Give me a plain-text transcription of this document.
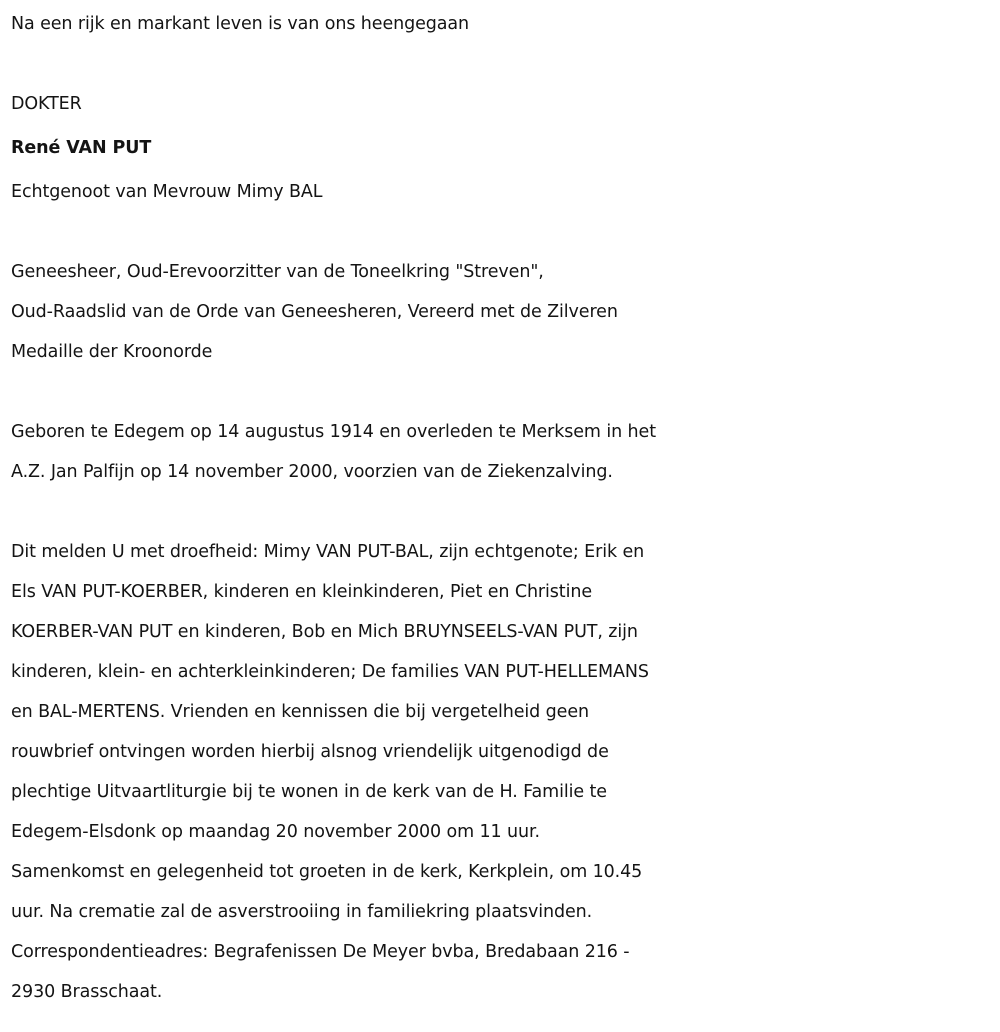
Na een rijk en markant leven is van ons heengegaan
DOKTER
René VAN PUT
Echtgenoot van Mevrouw Mimy BAL
Geneesheer, Oud-Erevoorzitter van de Toneelkring "Streven",
Oud-Raadslid van de Orde van Geneesheren, Vereerd met de Zilveren
Medaille der Kroonorde
Geboren te Edegem op 14 augustus 1914 en overleden te Merksem in het
A.Z. Jan Palfijn op 14 november 2000, voorzien van de Ziekenzalving.
Dit melden U met droefheid: Mimy VAN PUT-BAL, zijn echtgenote; Erik en
Els VAN PUT-KOERBER, kinderen en kleinkinderen, Piet en Christine
KOERBER-VAN PUT en kinderen, Bob en Mich BRUYNSEELS-VAN PUT, zijn
kinderen, klein- en achterkleinkinderen; De families VAN PUT-HELLEMANS
en BAL-MERTENS. Vrienden en kennissen die bij vergetelheid geen
rouwbrief ontvingen worden hierbij alsnog vriendelijk uitgenodigd de
plechtige Uitvaartliturgie bij te wonen in de kerk van de H. Familie te
Edegem-Elsdonk op maandag 20 november 2000 om 11 uur.
Samenkomst en gelegenheid tot groeten in de kerk, Kerkplein, om 10.45
uur. Na crematie zal de asverstrooiing in familiekring plaatsvinden.
Correspondentieadres: Begrafenissen De Meyer bvba, Bredabaan 216 -
2930 Brasschaat.
